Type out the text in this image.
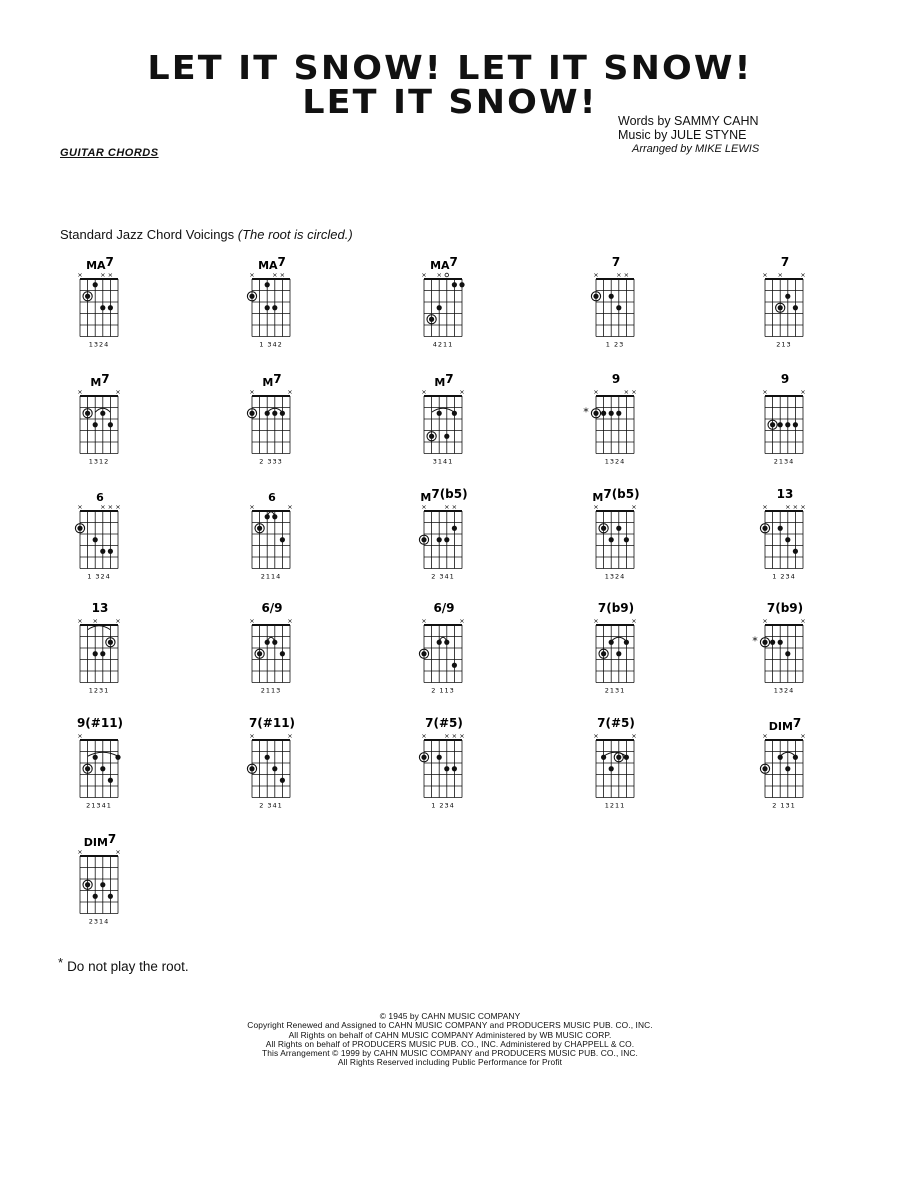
LET IT SNOW! LET IT SNOW!
LET IT SNOW!	Words by SAMMY CAHN
Music by JULE STYNE
Arranged by MIKE LEWIS
GUITAR CHORDS
Standard Jazz Chord Voicings (The root is circled.)
MA7
×	× ×
1324
MA7
×	× ×
1 342
MA7
× ×
4211
7
×	× ×
1 23
7
× ×	×
213
M7
×	×
1312
M7
×	×
2 333
M7
×	×
3141
9
×	× ×
*
1324
9
×	×
2134
6
×	× × ×
1 324
6
×	×
2114
M7(b5)
×	× ×
2 341
M7(b5)
×	×
1324
13
×	× × ×
1 234
13
× ×	×
1231
6/9
×	×
2113
6/9
×	×
2 113
7(b9)
×	×
2131
7(b9)
×	×
*
1324
9(#11)
×
21341
7(#11)
×	×
2 341
7(#5)
×	× × ×
1 234
7(#5)
×	×
1211
DIM7
×	×
2 131
DIM7
×	×
2314
* Do not play the root.
© 1945 by CAHN MUSIC COMPANY
Copyright Renewed and Assigned to CAHN MUSIC COMPANY and PRODUCERS MUSIC PUB. CO., INC.
All Rights on behalf of CAHN MUSIC COMPANY Administered by WB MUSIC CORP.
All Rights on behalf of PRODUCERS MUSIC PUB. CO., INC. Administered by CHAPPELL & CO.
This Arrangement © 1999 by CAHN MUSIC COMPANY and PRODUCERS MUSIC PUB. CO., INC.
All Rights Reserved including Public Performance for Profit
